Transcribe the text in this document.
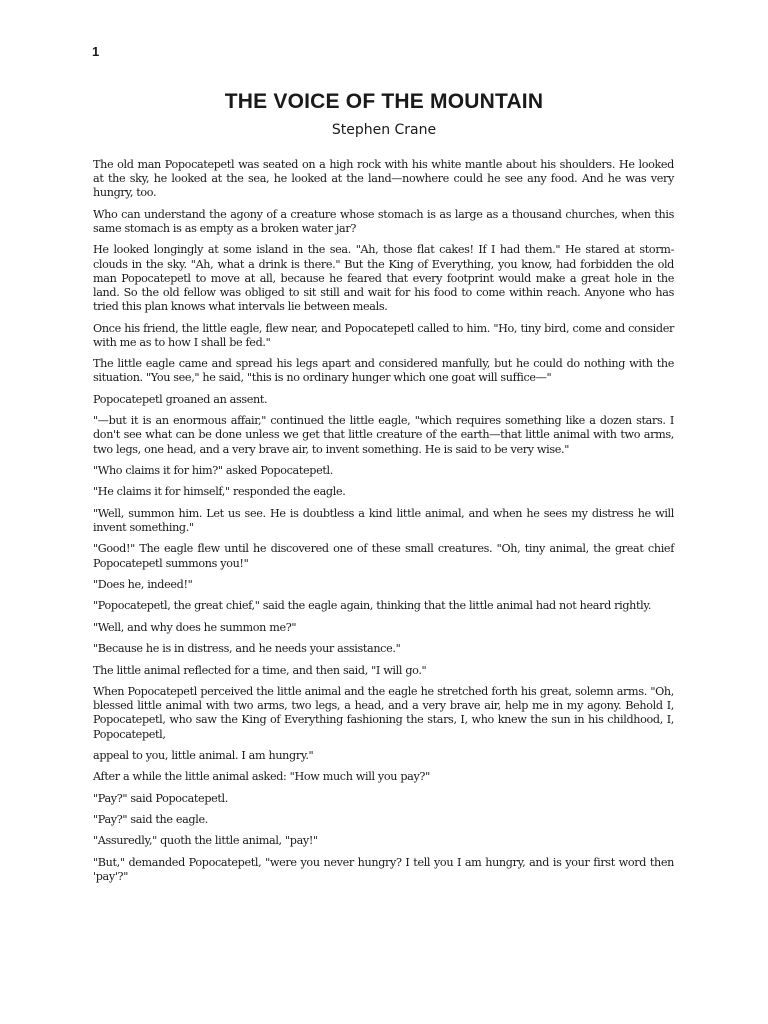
1
THE VOICE OF THE MOUNTAIN
Stephen Crane

The old man Popocatepetl was seated on a high rock with his white mantle about his shoulders. He looked at the sky, he looked at the sea, he looked at the land—nowhere could he see any food. And he was very hungry, too.

Who can understand the agony of a creature whose stomach is as large as a thousand churches, when this same stomach is as empty as a broken water jar?

He looked longingly at some island in the sea. "Ah, those flat cakes! If I had them." He stared at storm-clouds in the sky. "Ah, what a drink is there." But the King of Everything, you know, had forbidden the old man Popocatepetl to move at all, because he feared that every footprint would make a great hole in the land. So the old fellow was obliged to sit still and wait for his food to come within reach. Anyone who has tried this plan knows what intervals lie between meals.

Once his friend, the little eagle, flew near, and Popocatepetl called to him. "Ho, tiny bird, come and consider with me as to how I shall be fed."

The little eagle came and spread his legs apart and considered manfully, but he could do nothing with the situation. "You see," he said, "this is no ordinary hunger which one goat will suffice—"

Popocatepetl groaned an assent.

"—but it is an enormous affair," continued the little eagle, "which requires something like a dozen stars. I don't see what can be done unless we get that little creature of the earth—that little animal with two arms, two legs, one head, and a very brave air, to invent something. He is said to be very wise."

"Who claims it for him?" asked Popocatepetl.

"He claims it for himself," responded the eagle.

"Well, summon him. Let us see. He is doubtless a kind little animal, and when he sees my distress he will invent something."

"Good!" The eagle flew until he discovered one of these small creatures. "Oh, tiny animal, the great chief Popocatepetl summons you!"

"Does he, indeed!"

"Popocatepetl, the great chief," said the eagle again, thinking that the little animal had not heard rightly.

"Well, and why does he summon me?"

"Because he is in distress, and he needs your assistance."

The little animal reflected for a time, and then said, "I will go."

When Popocatepetl perceived the little animal and the eagle he stretched forth his great, solemn arms. "Oh, blessed little animal with two arms, two legs, a head, and a very brave air, help me in my agony. Behold I, Popocatepetl, who saw the King of Everything fashioning the stars, I, who knew the sun in his childhood, I, Popocatepetl,

appeal to you, little animal. I am hungry."

After a while the little animal asked: "How much will you pay?"

"Pay?" said Popocatepetl.

"Pay?" said the eagle.

"Assuredly," quoth the little animal, "pay!"

"But," demanded Popocatepetl, "were you never hungry? I tell you I am hungry, and is your first word then 'pay'?"
